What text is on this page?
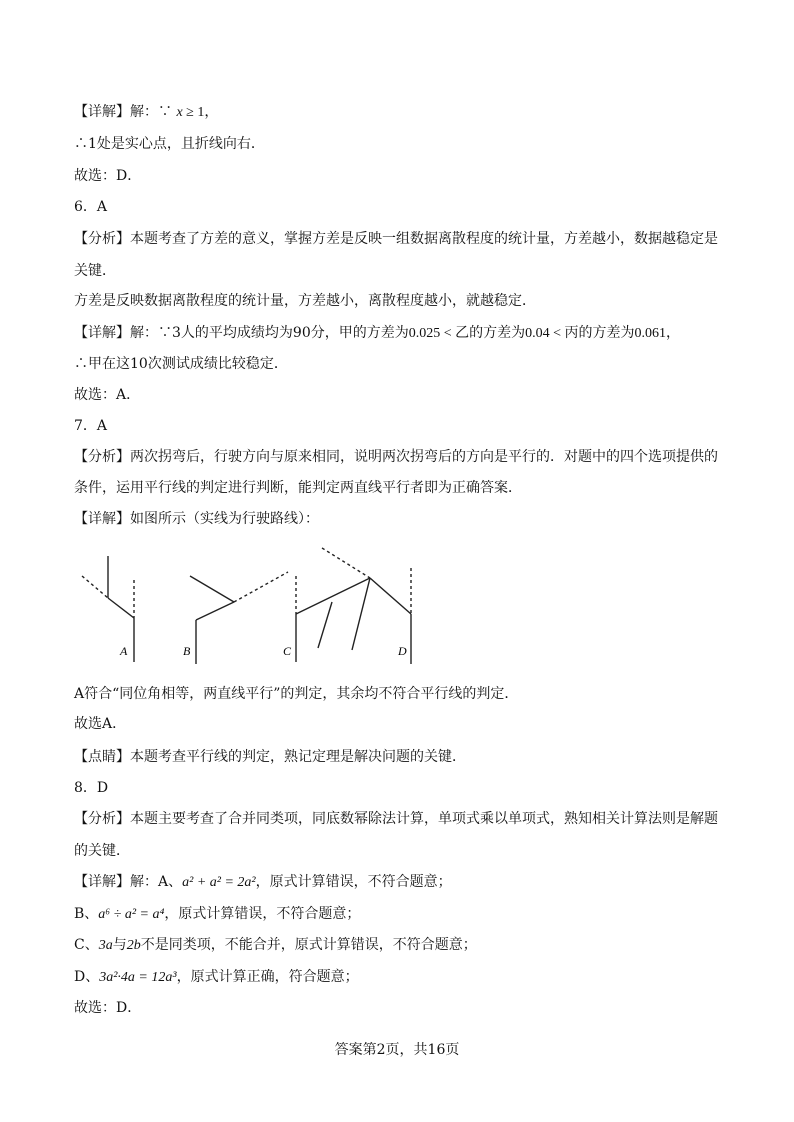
【详解】解：∵ x ≥ 1，
∴1处是实心点，且折线向右．
故选：D．
6．A
【分析】本题考查了方差的意义，掌握方差是反映一组数据离散程度的统计量，方差越小，数据越稳定是
关键．
方差是反映数据离散程度的统计量，方差越小，离散程度越小，就越稳定．
【详解】解：∵3人的平均成绩均为90分，甲的方差为0.025 < 乙的方差为0.04 < 丙的方差为0.061，
∴甲在这10次测试成绩比较稳定．
故选：A．
7．A
【分析】两次拐弯后，行驶方向与原来相同，说明两次拐弯后的方向是平行的．对题中的四个选项提供的
条件，运用平行线的判定进行判断，能判定两直线平行者即为正确答案．
【详解】如图所示（实线为行驶路线）：
A	B	C	D
A符合“同位角相等，两直线平行”的判定，其余均不符合平行线的判定．
故选A．
【点睛】本题考查平行线的判定，熟记定理是解决问题的关键．
8．D
【分析】本题主要考查了合并同类项，同底数幂除法计算，单项式乘以单项式，熟知相关计算法则是解题
的关键．
【详解】解：A、a² + a² = 2a²，原式计算错误，不符合题意；
B、a⁶ ÷ a² = a⁴，原式计算错误，不符合题意；
C、3a与2b不是同类项，不能合并，原式计算错误，不符合题意；
D、3a²·4a = 12a³，原式计算正确，符合题意；
故选：D．
答案第2页，共16页
